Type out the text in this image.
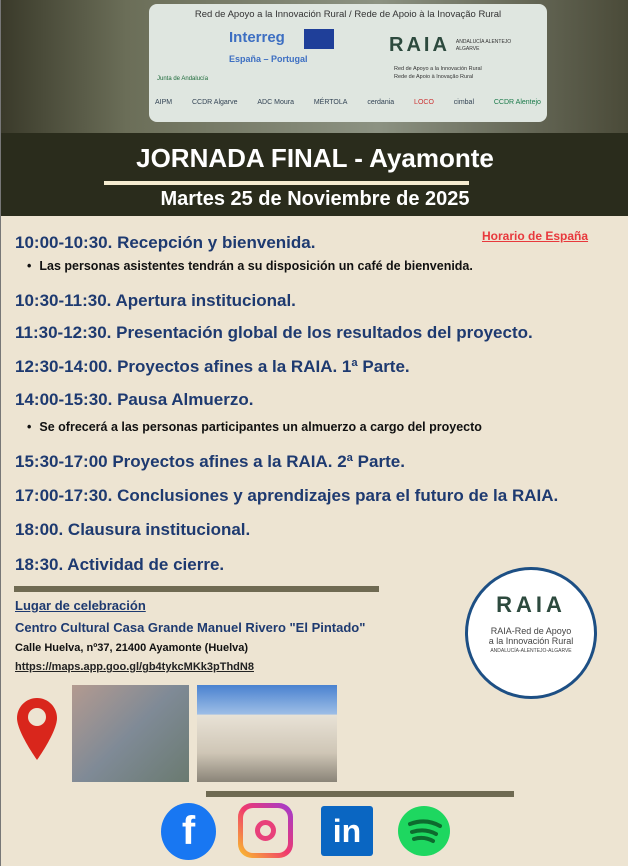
Red de Apoyo a la Innovación Rural / Rede de Apoio à la Inovação Rural
Interreg
España – Portugal
RAIA ANDALUCÍA ALENTEJO ALGARVE
Red de Apoyo a la Innovación Rural
Rede de Apoio à Inovação Rural
Junta de Andalucía
AIPM	CCDR Algarve	ADC Moura	MÉRTOLA	cerdania	LOCO	cimbal	CCDR Alentejo
JORNADA FINAL - Ayamonte
Martes 25 de Noviembre de 2025
Horario de España
10:00-10:30. Recepción y bienvenida.
• Las personas asistentes tendrán a su disposición un café de bienvenida.
10:30-11:30. Apertura institucional.
11:30-12:30. Presentación global de los resultados del proyecto.
12:30-14:00. Proyectos afines a la RAIA. 1ª Parte.
14:00-15:30. Pausa Almuerzo.
• Se ofrecerá a las personas participantes un almuerzo a cargo del proyecto
15:30-17:00 Proyectos afines a la RAIA. 2ª Parte.
17:00-17:30. Conclusiones y aprendizajes para el futuro de la RAIA.
18:00. Clausura institucional.
18:30. Actividad de cierre.
Lugar de celebración
Centro Cultural Casa Grande Manuel Rivero "El Pintado"
Calle Huelva, nº37, 21400 Ayamonte (Huelva)
https://maps.app.goo.gl/gb4tykcMKk3pThdN8
RAIA
RAIA-Red de Apoyo
a la Innovación Rural
ANDALUCÍA-ALENTEJO-ALGARVE
f	in
